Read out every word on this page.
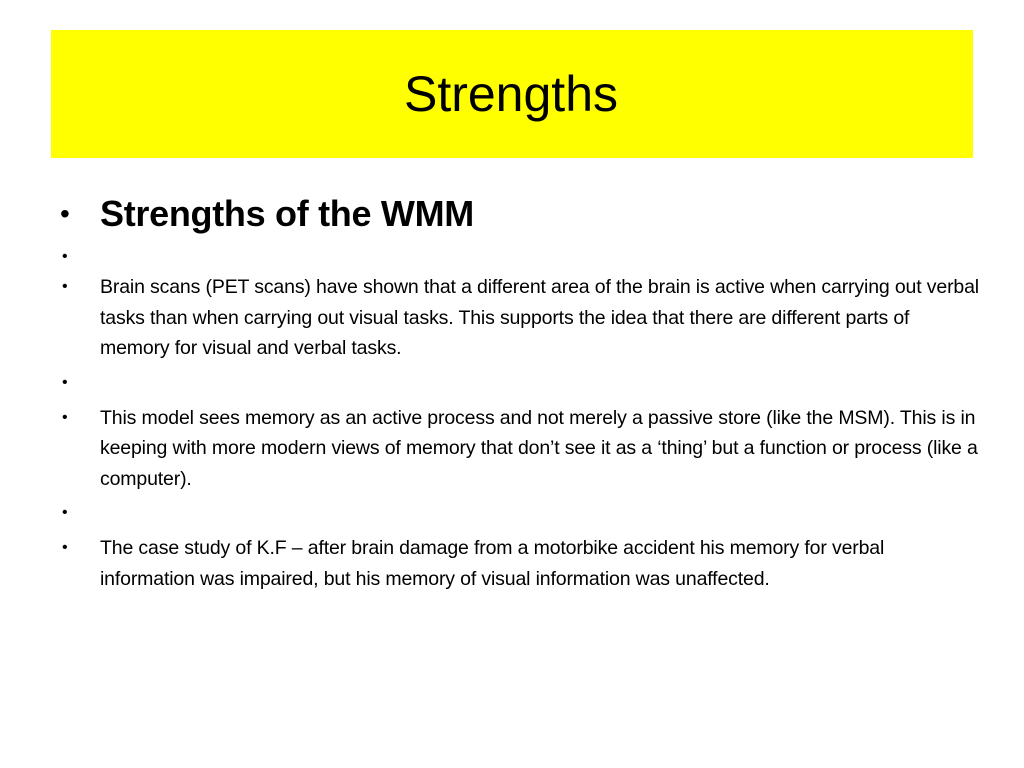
Strengths
• Strengths of the WMM
•
• Brain scans (PET scans) have shown that a different area of the brain is active when carrying out verbal tasks than when carrying out visual tasks. This supports the idea that there are different parts of memory for visual and verbal tasks.
•
• This model sees memory as an active process and not merely a passive store (like the MSM). This is in keeping with more modern views of memory that don’t see it as a ‘thing’ but a function or process (like a computer).
•
• The case study of K.F – after brain damage from a motorbike accident his memory for verbal information was impaired, but his memory of visual information was unaffected.
